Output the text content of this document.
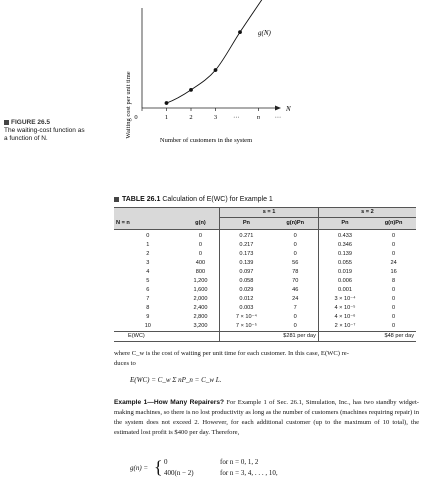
FIGURE 26.5
The waiting-cost function as
a function of N.	Waiting cost per unit time	N
0	1	2	3 ···	n ···
g(N)
Number of customers in the system
TABLE 26.1 Calculation of E(WC) for Example 1
		s = 1		s = 2	
N = n	g(n)	Pn	g(n)Pn	Pn	g(n)Pn
0	0	0.271	0	0.433	0
1	0	0.217	0	0.346	0
2	0	0.173	0	0.139	0
3	400	0.139	56	0.055	24
4	800	0.097	78	0.019	16
5	1,200	0.058	70	0.006	8
6	1,600	0.029	46	0.001	0
7	2,000	0.012	24	3 × 10⁻⁴	0
8	2,400	0.003	7	4 × 10⁻⁵	0
9	2,800	7 × 10⁻⁴	0	4 × 10⁻⁶	0
10	3,200	7 × 10⁻⁵	0	2 × 10⁻⁷	0
E(WC)		$281 per day		$48 per day	
where C_w is the cost of waiting per unit time for each customer. In this case, E(WC) re-
duces to
E(WC) = C_w Σ nP_n = C_w L.
Example 1—How Many Repairers? For Example 1 of Sec. 26.1, Simulation, Inc., has two standby widget-making machines, so there is no lost productivity as long as the number of customers (machines requiring repair) in the system does not exceed 2. However, for each additional customer (up to the maximum of 10 total), the estimated lost profit is $400 per day. Therefore,
g(n) = { 0	for n = 0, 1, 2
400(n − 2)	for n = 3, 4, . . . , 10,
